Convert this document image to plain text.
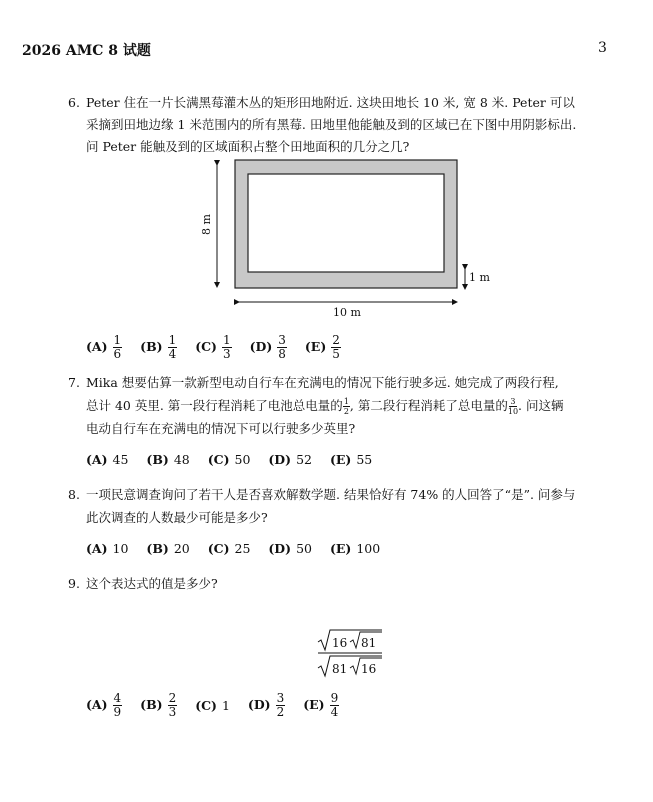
2026 AMC 8 试题	3
6. Peter 住在一片长满黑莓灌木丛的矩形田地附近. 这块田地长 10 米, 宽 8 米. Peter 可以
采摘到田地边缘 1 米范围内的所有黑莓. 田地里他能触及到的区域已在下图中用阴影标出.
问 Peter 能触及到的区域面积占整个田地面积的几分之几?
8 m
10 m
1 m
$(A) \frac{1}{6} (B) \frac{1}{4} (C) \frac{1}{3} (D) \frac{3}{8} (E) \frac{2}{5}$
7. Mika 想要估算一款新型电动自行车在充满电的情况下能行驶多远. 她完成了两段行程,
总计 40 英里. 第一段行程消耗了电池总电量的 $\frac{1}{2}$ , 第二段行程消耗了总电量的 $\frac{3}{10}$ . 问这辆
电动自行车在充满电的情况下可以行驶多少英里?
(A) 45 (B) 48 (C) 50 (D) 52 (E) 55
8. 一项民意调查询问了若干人是否喜欢解数学题. 结果恰好有 74% 的人回答了“是”. 问参与
此次调查的人数最少可能是多少?
(A) 10 (B) 20 (C) 25 (D) 50 (E) 100
9. 这个表达式的值是多少?
16 81
81 16
$(A) \frac{4}{9} (B) \frac{2}{3} (C)$ 1 $(D) \frac{3}{2} (E) \frac{9}{4}$
